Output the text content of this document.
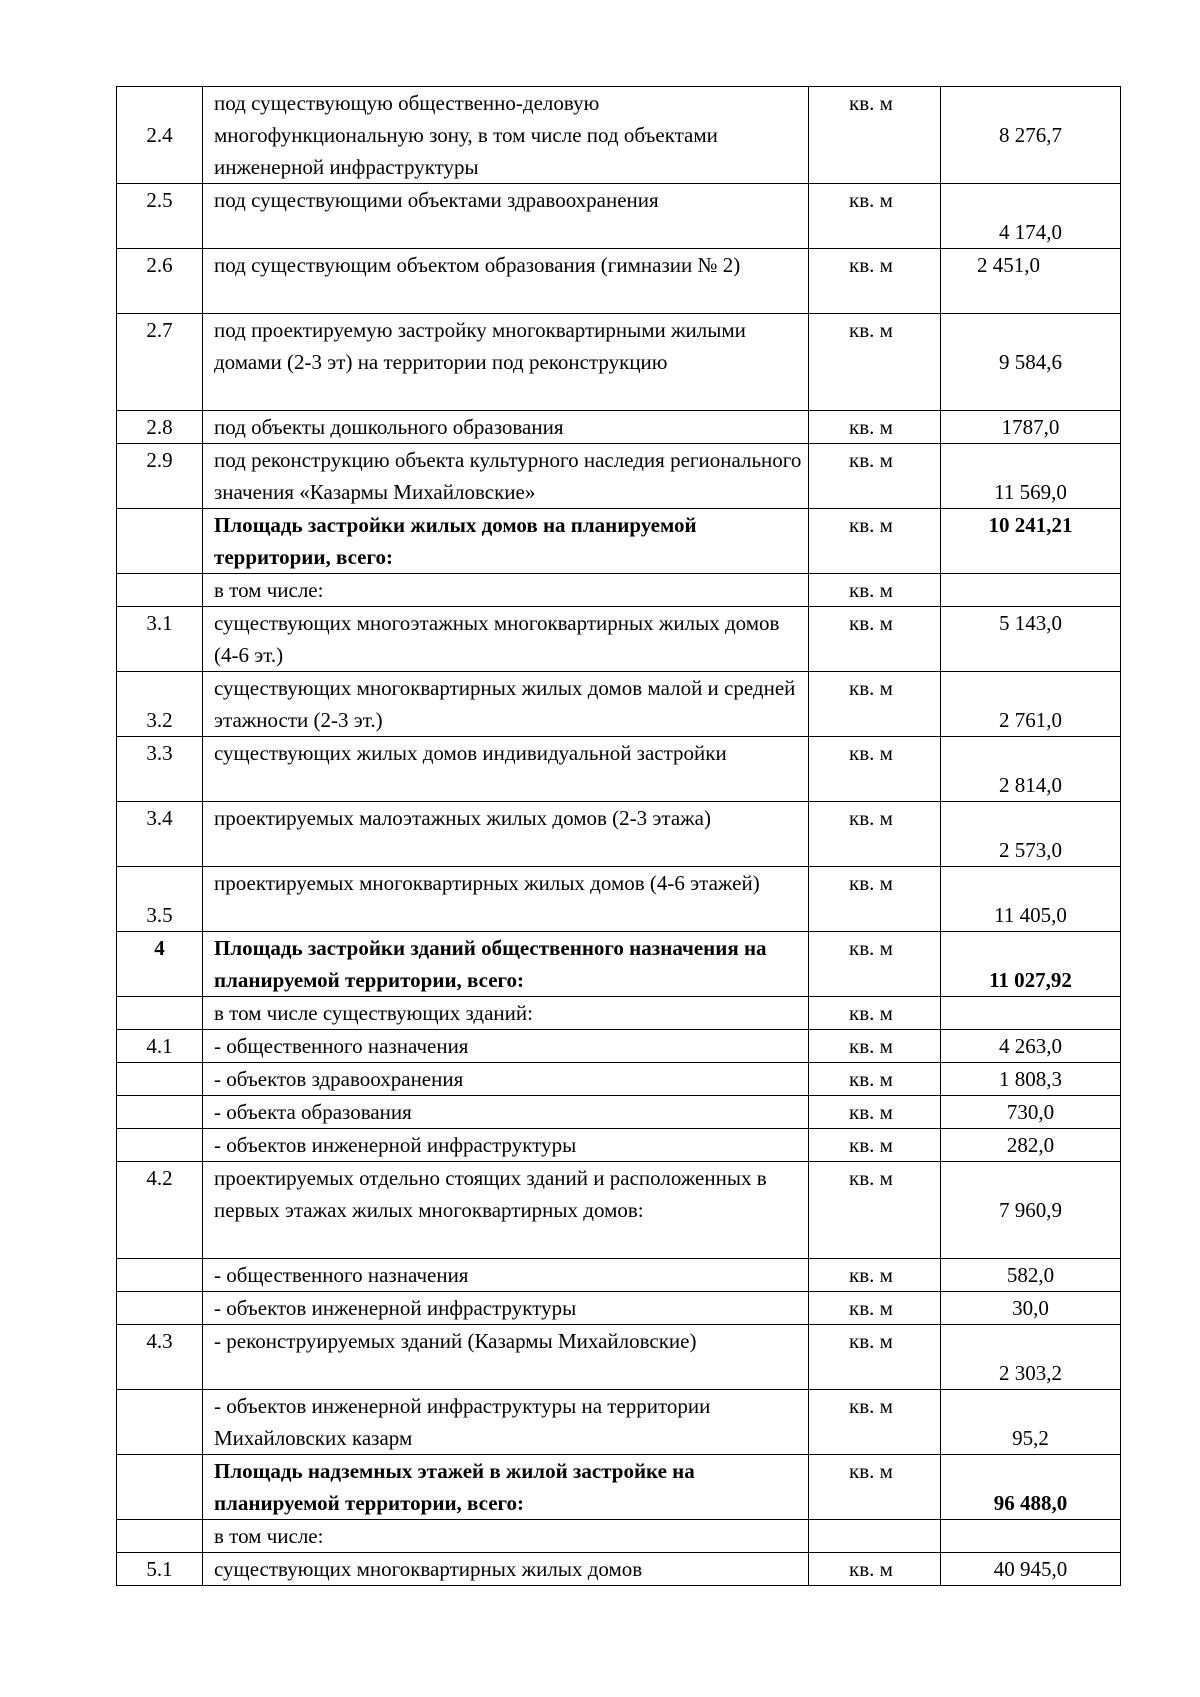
2.4	под существующую общественно-деловую многофункциональную зону, в том числе под объектами инженерной инфраструктуры	кв. м	8 276,7
2.5	под существующими объектами здравоохранения	кв. м	4 174,0
2.6	под существующим объектом образования (гимназии № 2)	кв. м	2 451,0
2.7	под проектируемую застройку многоквартирными жилыми домами (2-3 эт) на территории под реконструкцию	кв. м	9 584,6
2.8	под объекты дошкольного образования	кв. м	1787,0
2.9	под реконструкцию объекта культурного наследия регионального значения «Казармы Михайловские»	кв. м	11 569,0
	Площадь застройки жилых домов на планируемой территории, всего:	кв. м	10 241,21
	в том числе:	кв. м	
3.1	существующих многоэтажных многоквартирных жилых домов (4-6 эт.)	кв. м	5 143,0
3.2	существующих многоквартирных жилых домов малой и средней этажности (2-3 эт.)	кв. м	2 761,0
3.3	существующих жилых домов индивидуальной застройки	кв. м	2 814,0
3.4	проектируемых малоэтажных жилых домов (2-3 этажа)	кв. м	2 573,0
3.5	проектируемых многоквартирных жилых домов (4-6 этажей)	кв. м	11 405,0
4	Площадь застройки зданий общественного назначения на планируемой территории, всего:	кв. м	11 027,92
	в том числе существующих зданий:	кв. м	
4.1	- общественного назначения	кв. м	4 263,0
	- объектов здравоохранения	кв. м	1 808,3
	- объекта образования	кв. м	730,0
	- объектов инженерной инфраструктуры	кв. м	282,0
4.2	проектируемых отдельно стоящих зданий и расположенных в первых этажах жилых многоквартирных домов:	кв. м	7 960,9
	- общественного назначения	кв. м	582,0
	- объектов инженерной инфраструктуры	кв. м	30,0
4.3	- реконструируемых зданий (Казармы Михайловские)	кв. м	2 303,2
	- объектов инженерной инфраструктуры на территории Михайловских казарм	кв. м	95,2
	Площадь надземных этажей в жилой застройке на планируемой территории, всего:	кв. м	96 488,0
	в том числе:		
5.1	существующих многоквартирных жилых домов	кв. м	40 945,0
